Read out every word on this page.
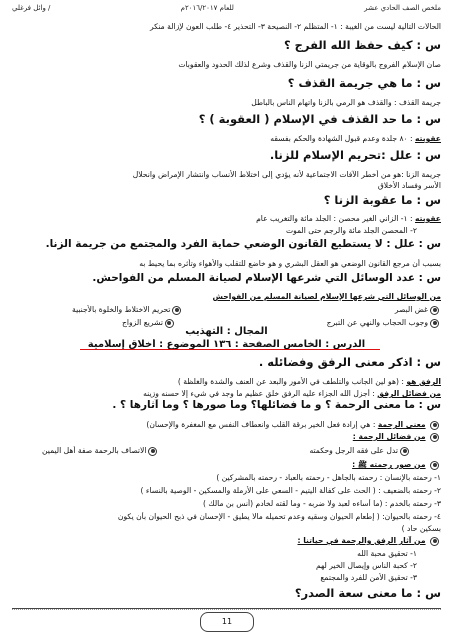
ملخص الصف الحادي عشر
للعام ٢٠١٦/٢٠١٧م
/ وائل فرغلي
الحالات التالية ليست من الغيبة : ١- المتظلم ٢- النصيحة ٣- التحذير ٤- طلب العون لإزالة منكر
س : كيف حفظ الله الفرج ؟
صان الإسلام الفروج بالوقاية من جريمتي الزنا والقذف وشرع لذلك الحدود والعقوبات
س : ما هي جريمة القذف ؟
جريمة القذف : والقذف هو الرمي بالزنا واتهام الناس بالباطل
س : ما حد القذف في الإسلام ( العقوبة ) ؟
عقوبته : ٨٠ جلدة وعدم قبول الشهادة والحكم بفسقه
س : علل :تحريم الإسلام للزنا.
جريمة الزنا :هو من أخطر الآفات الاجتماعية لأنه يؤدي إلى اختلاط الأنساب وانتشار الإمراض وانحلال
الأسر وفساد الأخلاق
س : ما عقوبة الزنا ؟
عقوبته : ١- الزاني الغير محصن : الجلد مائة والتغريب عام
٢- المحصن الجلد مائة والرجم حتى الموت
س : علل : لا يستطيع القانون الوضعي حماية الفرد والمجتمع من جريمة الزنا.
بسبب أن مرجع القانون الوضعي هو العقل البشري و هو خاضع للتقلب والأهواء وتأثره بما يحيط به
س : عدد الوسائل التي شرعها الإسلام لصيانة المسلم من الفواحش.
من الوسائل التي شرعها الإسلام لصيانة المسلم من الفواحش
غض البصر
تحريم الاختلاط والخلوة بالأجنبية
وجوب الحجاب والنهي عن التبرج
تشريع الزواج
المجال : التهذيب
الدرس : الخامس الصفحة : ١٣٦ الموضوع : أخلاق إسلامية
س : اذكر معنى الرفق وفضائله .
الرفق هو : (هو لين الجانب والتلطف في الأمور والبعد عن العنف والشدة والغلظة )
من فضائل الرفق : أجزل الله الجزاء عليه الرفق خلق عظيم ما وجد في شيء إلا حسنه وزينه
س : ما معنى الرحمة ؟ و ما فضائلها؟ وما صورها ؟ وما آثارها ؟ .
معنى الرحمة : هي إرادة فعل الخير برقة القلب وانعطاف النفس مع المغفرة والإحسان)
من فضائل الرحمة :
تدل على فقه الرجل وحكمته
الاتصاف بالرحمة صفة أهل اليمين
من صور رحمته ﷺ :
١- رحمته بالإنسان : رحمته بالجاهل - رحمته بالعباد - رحمته بالمشركين )
٢- رحمته بالضعيف : ( الحث على كفالة اليتيم - السعي على الأرملة والمسكين - الوصية بالنساء )
٣- رحمته بالخدم : (ما أساءه لعبد ولا ضربه - وما لقته لخادم (أنس بن مالك )
٤- رحمته بالحيوان: ( إطعام الحيوان وسقيه وعدم تحميله مالا يطيق - الإحسان في ذبح الحيوان بأن يكون
بسكين حاد )
من آثار الرفق والرحمة في حياتنا :
١- تحقيق محبة الله
٢- كحبة الناس وإيصال الخير لهم
٣- تحقيق الأمن للفرد والمجتمع
س : ما معنى سعة الصدر؟
11
